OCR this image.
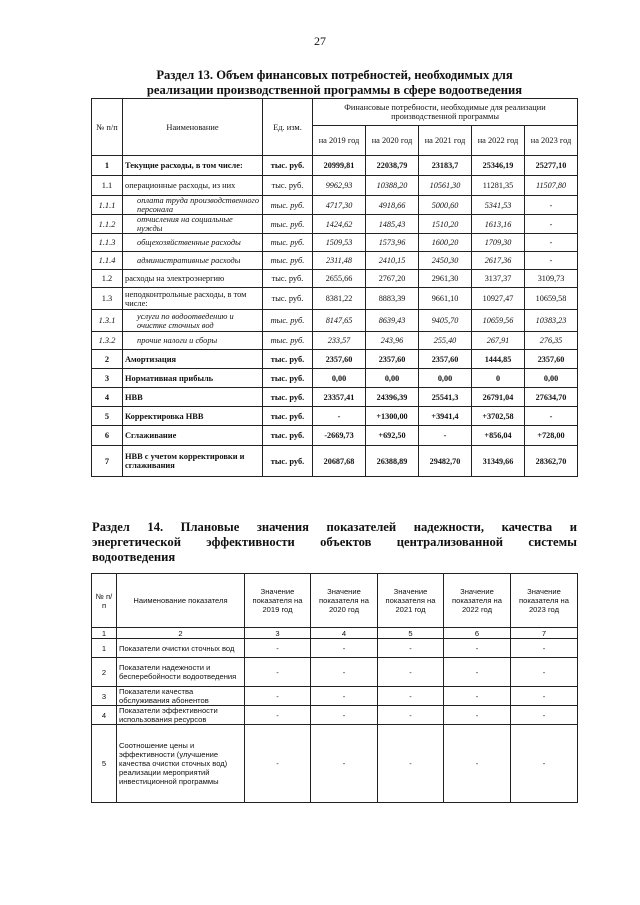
27
Раздел 13. Объем финансовых потребностей, необходимых для
реализации производственной программы в сфере водоотведения
№ п/п	Наименование	Ед. изм.	Финансовые потребности, необходимые для реализации производственной программы				
			на 2019 год	на 2020 год	на 2021 год	на 2022 год	на 2023 год
1	Текущие расходы, в том числе:	тыс. руб.	20999,81	22038,79	23183,7	25346,19	25277,10
1.1	операционные расходы, из них	тыс. руб.	9962,93	10388,20	10561,30	11281,35	11507,80
1.1.1	оплата труда производственного персонала	тыс. руб.	4717,30	4918,66	5000,60	5341,53	-
1.1.2	отчисления на социальные нужды	тыс. руб.	1424,62	1485,43	1510,20	1613,16	-
1.1.3	общехозяйственные расходы	тыс. руб.	1509,53	1573,96	1600,20	1709,30	-
1.1.4	административные расходы	тыс. руб.	2311,48	2410,15	2450,30	2617,36	-
1.2	расходы на электроэнергию	тыс. руб.	2655,66	2767,20	2961,30	3137,37	3109,73
1.3	неподконтрольные расходы, в том числе:	тыс. руб.	8381,22	8883,39	9661,10	10927,47	10659,58
1.3.1	услуги по водоотведению и очистке сточных вод	тыс. руб.	8147,65	8639,43	9405,70	10659,56	10383,23
1.3.2	прочие налоги и сборы	тыс. руб.	233,57	243,96	255,40	267,91	276,35
2	Амортизация	тыс. руб.	2357,60	2357,60	2357,60	1444,85	2357,60
3	Нормативная прибыль	тыс. руб.	0,00	0,00	0,00	0	0,00
4	НВВ	тыс. руб.	23357,41	24396,39	25541,3	26791,04	27634,70
5	Корректировка НВВ	тыс. руб.	-	+1300,00	+3941,4	+3702,58	-
6	Сглаживание	тыс. руб.	-2669,73	+692,50	-	+856,04	+728,00
7	НВВ с учетом корректировки и сглаживания	тыс. руб.	20687,68	26388,89	29482,70	31349,66	28362,70
Раздел 14. Плановые значения показателей надежности, качества и
энергетической эффективности объектов централизованной системы
водоотведения
№ п/п	Наименование показателя	Значение показателя на 2019 год	Значение показателя на 2020 год	Значение показателя на 2021 год	Значение показателя на 2022 год	Значение показателя на 2023 год
1	2	3	4	5	6	7
1	Показатели очистки сточных вод	-	-	-	-	-
2	Показатели надежности и бесперебойности водоотведения	-	-	-	-	-
3	Показатели качества обслуживания абонентов	-	-	-	-	-
4	Показатели эффективности использования ресурсов	-	-	-	-	-
5	Соотношение цены и эффективности (улучшение качества очистки сточных вод) реализации мероприятий инвестиционной программы	-	-	-	-	-
